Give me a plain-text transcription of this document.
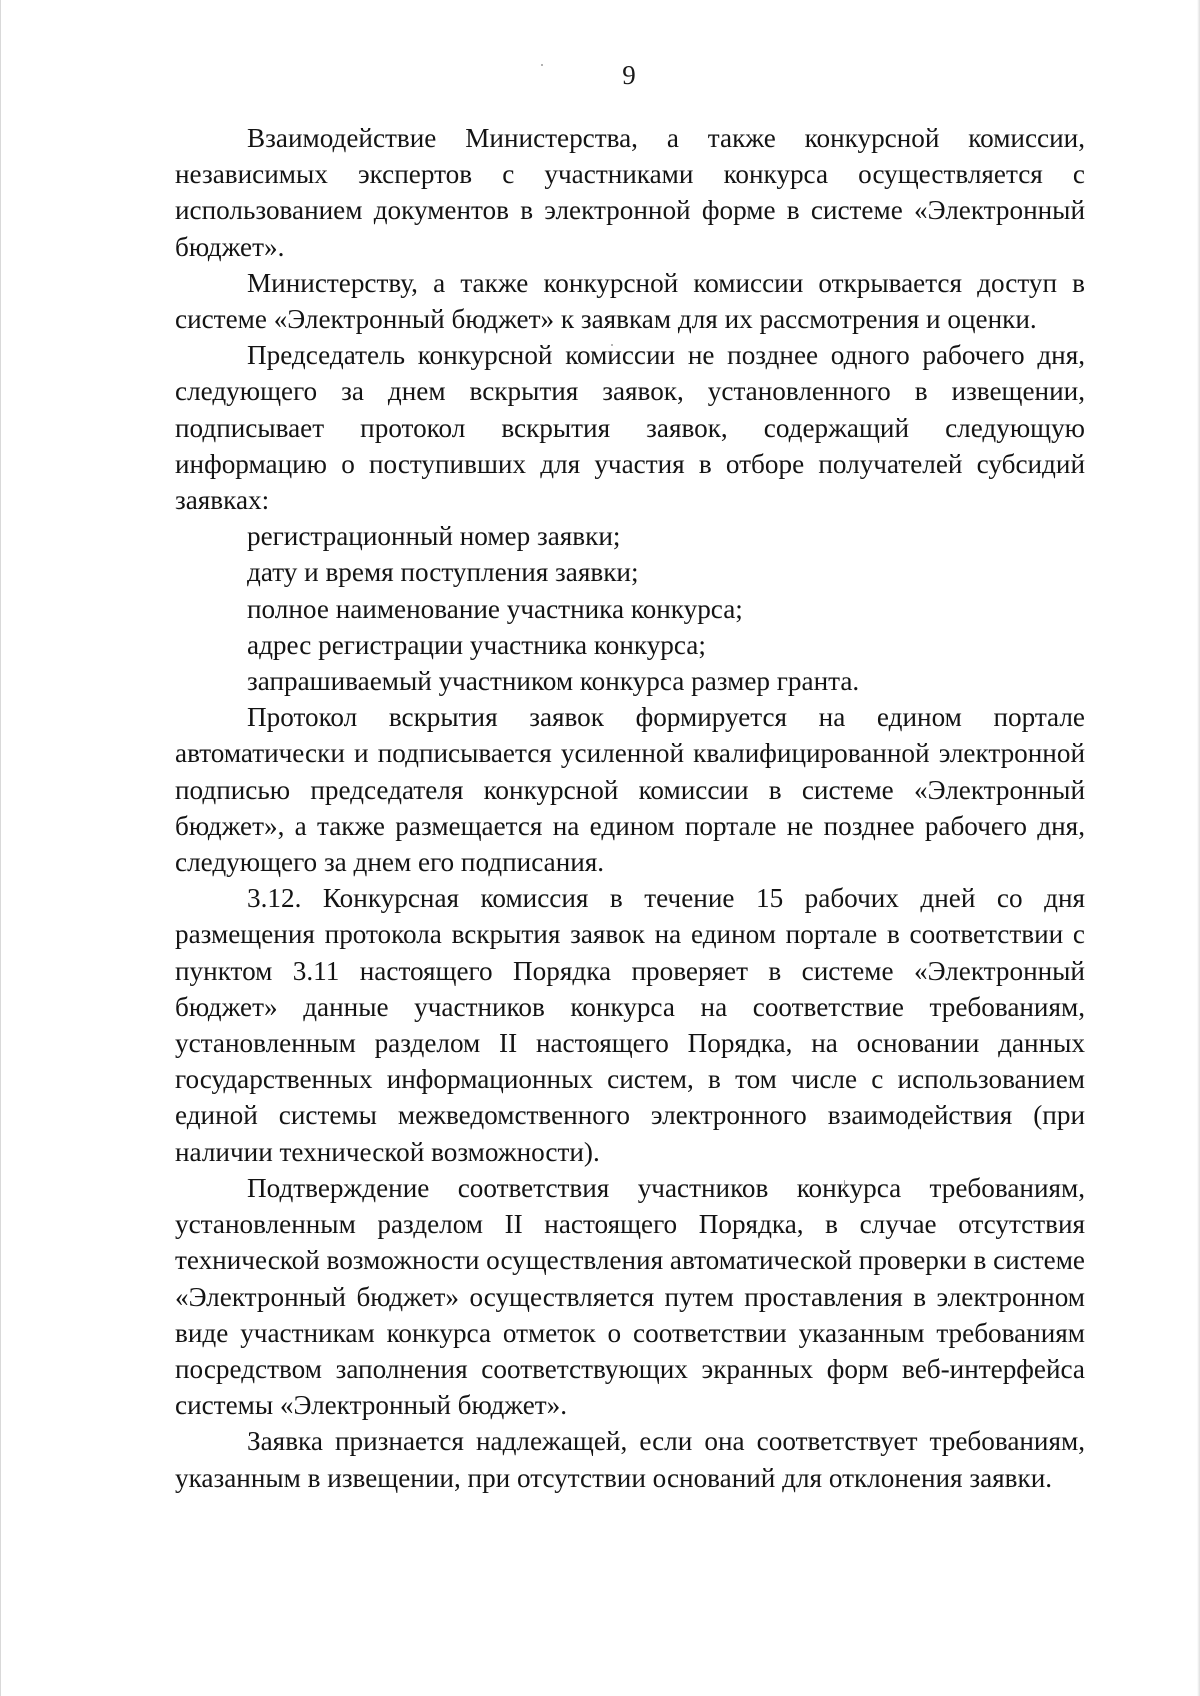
9

Взаимодействие Министерства, а также конкурсной комиссии, независимых экспертов с участниками конкурса осуществляется с использованием документов в электронной форме в системе «Электронный бюджет».

Министерству, а также конкурсной комиссии открывается доступ в системе «Электронный бюджет» к заявкам для их рассмотрения и оценки.

Председатель конкурсной комиссии не позднее одного рабочего дня, следующего за днем вскрытия заявок, установленного в извещении, подписывает протокол вскрытия заявок, содержащий следующую информацию о поступивших для участия в отборе получателей субсидий заявках:

регистрационный номер заявки;

дату и время поступления заявки;

полное наименование участника конкурса;

адрес регистрации участника конкурса;

запрашиваемый участником конкурса размер гранта.

Протокол вскрытия заявок формируется на едином портале автоматически и подписывается усиленной квалифицированной электронной подписью председателя конкурсной комиссии в системе «Электронный бюджет», а также размещается на едином портале не позднее рабочего дня, следующего за днем его подписания.

3.12. Конкурсная комиссия в течение 15 рабочих дней со дня размещения протокола вскрытия заявок на едином портале в соответствии с пунктом 3.11 настоящего Порядка проверяет в системе «Электронный бюджет» данные участников конкурса на соответствие требованиям, установленным разделом II настоящего Порядка, на основании данных государственных информационных систем, в том числе с использованием единой системы межведомственного электронного взаимодействия (при наличии технической возможности).

Подтверждение соответствия участников конкурса требованиям, установленным разделом II настоящего Порядка, в случае отсутствия технической возможности осуществления автоматической проверки в системе «Электронный бюджет» осуществляется путем проставления в электронном виде участникам конкурса отметок о соответствии указанным требованиям посредством заполнения соответствующих экранных форм веб-интерфейса системы «Электронный бюджет».

Заявка признается надлежащей, если она соответствует требованиям, указанным в извещении, при отсутствии оснований для отклонения заявки.
